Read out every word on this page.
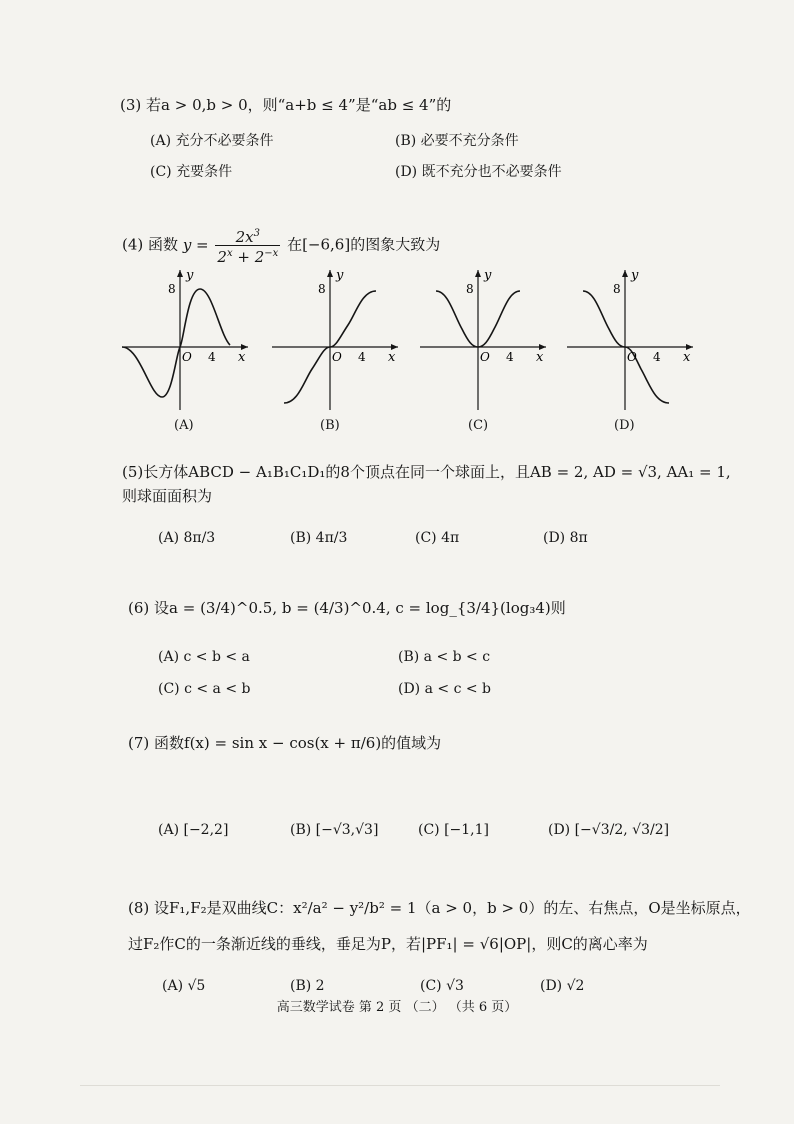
(3) 若a > 0,b > 0，则“a+b ≤ 4”是“ab ≤ 4”的
(A) 充分不必要条件	(B) 必要不充分条件
(C) 充要条件	(D) 既不充分也不必要条件
(4) 函数 $y = \frac{2x^3}{2^x + 2^{-x}}$ 在[−6,6]的图象大致为
y
x
O
8
4
y
x
O
8
4
y
x
O
8
4
y
x
O
8
4
(A)	(B)	(C)	(D)
(5)长方体ABCD − A₁B₁C₁D₁的8个顶点在同一个球面上，且AB = 2, AD = √3, AA₁ = 1,
则球面面积为
(A) 8π/3	(B) 4π/3	(C) 4π	(D) 8π
(6) 设a = (3/4)^0.5, b = (4/3)^0.4, c = log_{3/4}(log₃4)则
(A) c < b < a	(B) a < b < c
(C) c < a < b	(D) a < c < b
(7) 函数f(x) = sin x − cos(x + π/6)的值域为
(A) [−2,2]	(B) [−√3,√3]	(C) [−1,1]	(D) [−√3/2, √3/2]
(8) 设F₁,F₂是双曲线C：x²/a² − y²/b² = 1（a > 0，b > 0）的左、右焦点，O是坐标原点，
过F₂作C的一条渐近线的垂线，垂足为P，若|PF₁| = √6|OP|，则C的离心率为
(A) √5	(B) 2	(C) √3	(D) √2
高三数学试卷 第 2 页 （二） （共 6 页）
